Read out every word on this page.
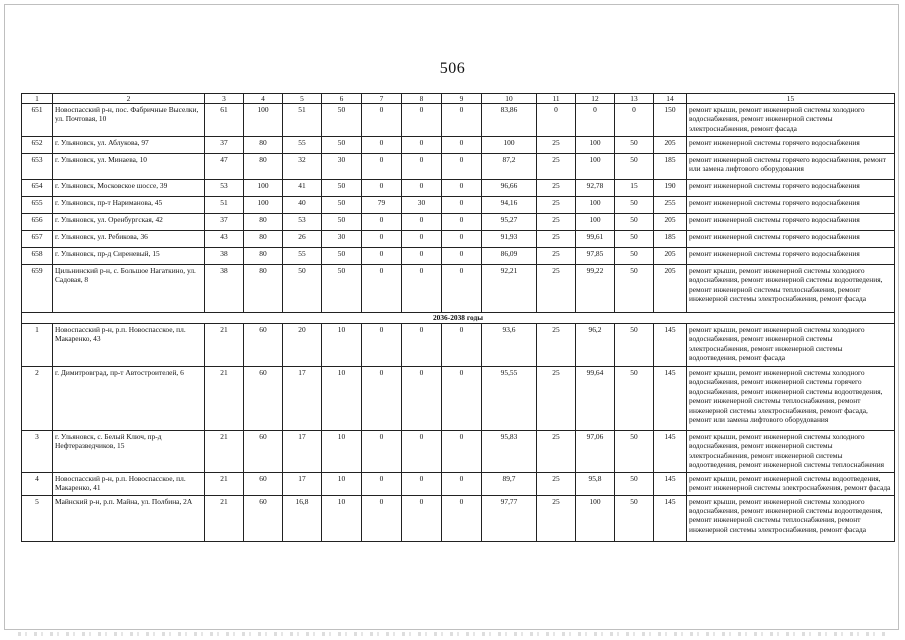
506
1	2	3	4	5	6	7	8	9	10	11	12	13	14	15
651	Новоспасский р-н, пос. Фабричные Выселки, ул. Почтовая, 10	61	100	51	50	0	0	0	83,86	0	0	0	150	ремонт крыши, ремонт инженерной системы холодного водоснабжения, ремонт инженерной системы электроснабжения, ремонт фасада
652	г. Ульяновск, ул. Аблукова, 97	37	80	55	50	0	0	0	100	25	100	50	205	ремонт инженерной системы горячего водоснабжения
653	г. Ульяновск, ул. Минаева, 10	47	80	32	30	0	0	0	87,2	25	100	50	185	ремонт инженерной системы горячего водоснабжения, ремонт или замена лифтового оборудования
654	г. Ульяновск, Московское шоссе, 39	53	100	41	50	0	0	0	96,66	25	92,78	15	190	ремонт инженерной системы горячего водоснабжения
655	г. Ульяновск, пр-т Нариманова, 45	51	100	40	50	79	30	0	94,16	25	100	50	255	ремонт инженерной системы горячего водоснабжения
656	г. Ульяновск, ул. Оренбургская, 42	37	80	53	50	0	0	0	95,27	25	100	50	205	ремонт инженерной системы горячего водоснабжения
657	г. Ульяновск, ул. Ребикова, 36	43	80	26	30	0	0	0	91,93	25	99,61	50	185	ремонт инженерной системы горячего водоснабжения
658	г. Ульяновск, пр-д Сиреневый, 15	38	80	55	50	0	0	0	86,09	25	97,85	50	205	ремонт инженерной системы горячего водоснабжения
659	Цильнинский р-н, с. Большое Нагаткино, ул. Садовая, 8	38	80	50	50	0	0	0	92,21	25	99,22	50	205	ремонт крыши, ремонт инженерной системы холодного водоснабжения, ремонт инженерной системы водоотведения, ремонт инженерной системы теплоснабжения, ремонт инженерной системы электроснабжения, ремонт фасада
2036-2038 годы														
1	Новоспасский р-н, р.п. Новоспасское, пл. Макаренко, 43	21	60	20	10	0	0	0	93,6	25	96,2	50	145	ремонт крыши, ремонт инженерной системы холодного водоснабжения, ремонт инженерной системы электроснабжения, ремонт инженерной системы водоотведения, ремонт фасада
2	г. Димитровград, пр-т Автостроителей, 6	21	60	17	10	0	0	0	95,55	25	99,64	50	145	ремонт крыши, ремонт инженерной системы холодного водоснабжения, ремонт инженерной системы горячего водоснабжения, ремонт инженерной системы водоотведения, ремонт инженерной системы теплоснабжения, ремонт инженерной системы электроснабжения, ремонт фасада, ремонт или замена лифтового оборудования
3	г. Ульяновск, с. Белый Ключ, пр-д Нефтеразведчиков, 15	21	60	17	10	0	0	0	95,83	25	97,06	50	145	ремонт крыши, ремонт инженерной системы холодного водоснабжения, ремонт инженерной системы электроснабжения, ремонт инженерной системы водоотведения, ремонт инженерной системы теплоснабжения
4	Новоспасский р-н, р.п. Новоспасское, пл. Макаренко, 41	21	60	17	10	0	0	0	89,7	25	95,8	50	145	ремонт крыши, ремонт инженерной системы водоотведения, ремонт инженерной системы электроснабжения, ремонт фасада
5	Майнский р-н, р.п. Майна, ул. Полбина, 2А	21	60	16,8	10	0	0	0	97,77	25	100	50	145	ремонт крыши, ремонт инженерной системы холодного водоснабжения, ремонт инженерной системы водоотведения, ремонт инженерной системы теплоснабжения, ремонт инженерной системы электроснабжения, ремонт фасада
